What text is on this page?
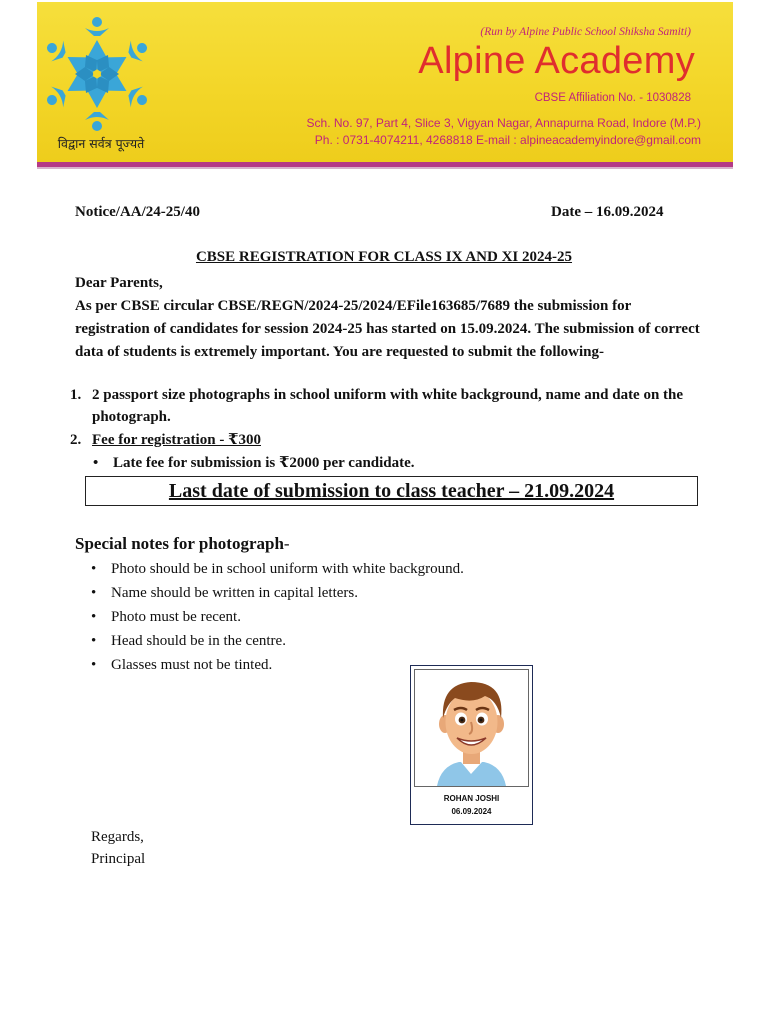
विद्वान सर्वत्र पूज्यते
(Run by Alpine Public School Shiksha Samiti)
Alpine Academy
CBSE Affiliation No. - 1030828
Sch. No. 97, Part 4, Slice 3, Vigyan Nagar, Annapurna Road, Indore (M.P.)
Ph. : 0731-4074211, 4268818 E-mail : alpineacademyindore@gmail.com
Notice/AA/24-25/40	Date – 16.09.2024
CBSE REGISTRATION FOR CLASS IX AND XI 2024-25

Dear Parents,

As per CBSE circular CBSE/REGN/2024-25/2024/EFile163685/7689 the submission for registration of candidates for session 2024-25 has started on 15.09.2024. The submission of correct data of students is extremely important. You are requested to submit the following-

1. 2 passport size photographs in school uniform with white background, name and date on the photograph.
2. Fee for registration - ₹300
• Late fee for submission is ₹2000 per candidate.
Last date of submission to class teacher – 21.09.2024
Special notes for photograph-
• Photo should be in school uniform with white background.
• Name should be written in capital letters.
• Photo must be recent.
• Head should be in the centre.
• Glasses must not be tinted.
ROHAN JOSHI
06.09.2024
Regards,
Principal
